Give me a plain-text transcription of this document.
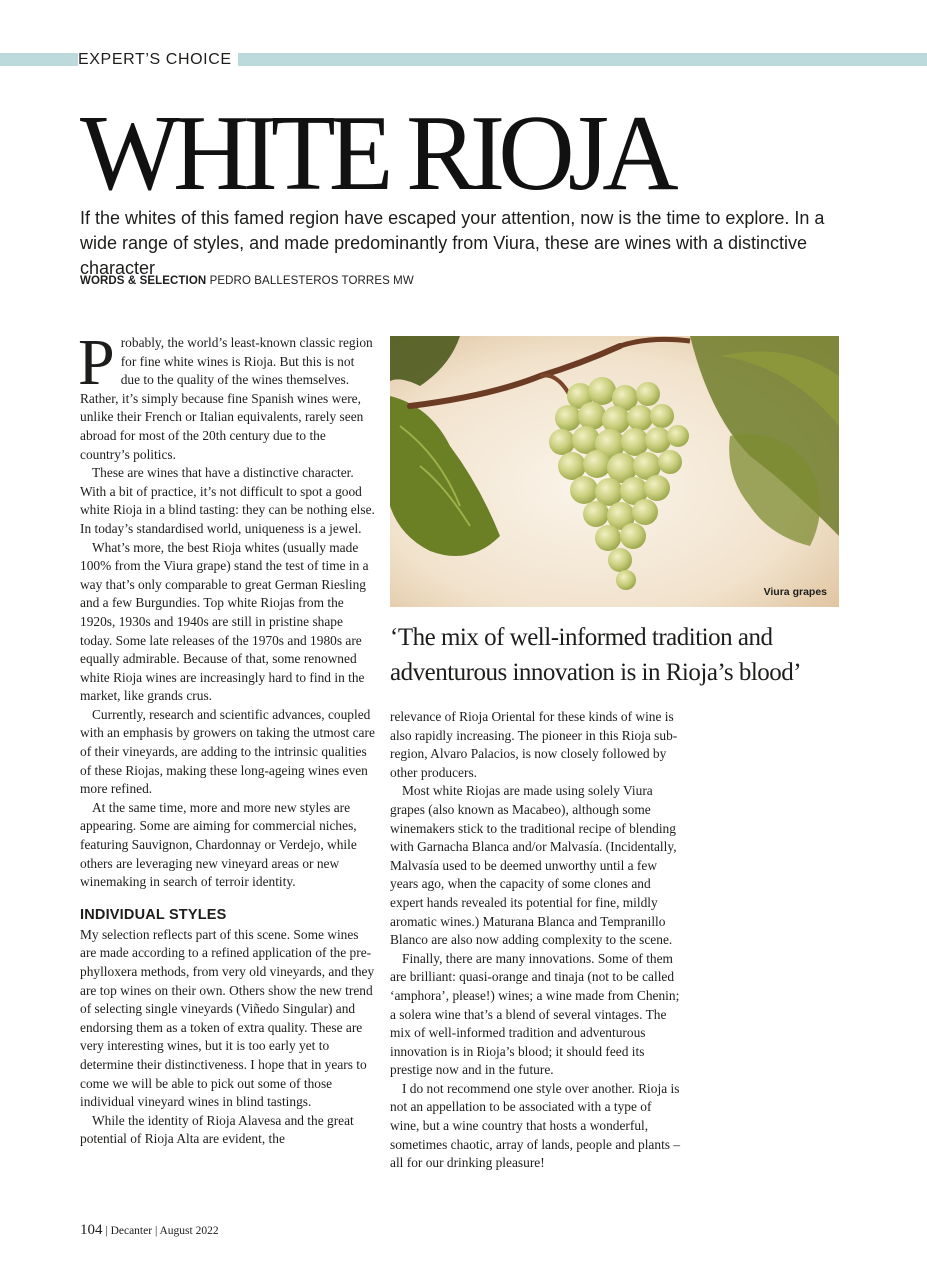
EXPERT’S CHOICE
WHITE RIOJA

If the whites of this famed region have escaped your attention, now is the time to explore. In a wide range of styles, and made predominantly from Viura, these are wines with a distinctive character

WORDS & SELECTION PEDRO BALLESTEROS TORRES MW

Probably, the world’s least-known classic region for fine white wines is Rioja. But this is not due to the quality of the wines themselves. Rather, it’s simply because fine Spanish wines were, unlike their French or Italian equivalents, rarely seen abroad for most of the 20th century due to the country’s politics.

These are wines that have a distinctive character. With a bit of practice, it’s not difficult to spot a good white Rioja in a blind tasting: they can be nothing else. In today’s standardised world, uniqueness is a jewel.

What’s more, the best Rioja whites (usually made 100% from the Viura grape) stand the test of time in a way that’s only comparable to great German Riesling and a few Burgundies. Top white Riojas from the 1920s, 1930s and 1940s are still in pristine shape today. Some late releases of the 1970s and 1980s are equally admirable. Because of that, some renowned white Rioja wines are increasingly hard to find in the market, like grands crus.

Currently, research and scientific advances, coupled with an emphasis by growers on taking the utmost care of their vineyards, are adding to the intrinsic qualities of these Riojas, making these long-ageing wines even more refined.

At the same time, more and more new styles are appearing. Some are aiming for commercial niches, featuring Sauvignon, Chardonnay or Verdejo, while others are leveraging new vineyard areas or new winemaking in search of terroir identity.

INDIVIDUAL STYLES

My selection reflects part of this scene. Some wines are made according to a refined application of the pre-phylloxera methods, from very old vineyards, and they are top wines on their own. Others show the new trend of selecting single vineyards (Viñedo Singular) and endorsing them as a token of extra quality. These are very interesting wines, but it is too early yet to determine their distinctiveness. I hope that in years to come we will be able to pick out some of those individual vineyard wines in blind tastings.

While the identity of Rioja Alavesa and the great potential of Rioja Alta are evident, the

Viura grapes

‘The mix of well-informed tradition and adventurous innovation is in Rioja’s blood’

relevance of Rioja Oriental for these kinds of wine is also rapidly increasing. The pioneer in this Rioja sub-region, Alvaro Palacios, is now closely followed by other producers.

Most white Riojas are made using solely Viura grapes (also known as Macabeo), although some winemakers stick to the traditional recipe of blending with Garnacha Blanca and/or Malvasía. (Incidentally, Malvasía used to be deemed unworthy until a few years ago, when the capacity of some clones and expert hands revealed its potential for fine, mildly aromatic wines.) Maturana Blanca and Tempranillo Blanco are also now adding complexity to the scene.

Finally, there are many innovations. Some of them are brilliant: quasi-orange and tinaja (not to be called ‘amphora’, please!) wines; a wine made from Chenin; a solera wine that’s a blend of several vintages. The mix of well-informed tradition and adventurous innovation is in Rioja’s blood; it should feed its prestige now and in the future.

I do not recommend one style over another. Rioja is not an appellation to be associated with a type of wine, but a wine country that hosts a wonderful, sometimes chaotic, array of lands, people and plants – all for our drinking pleasure!

104 | Decanter | August 2022
